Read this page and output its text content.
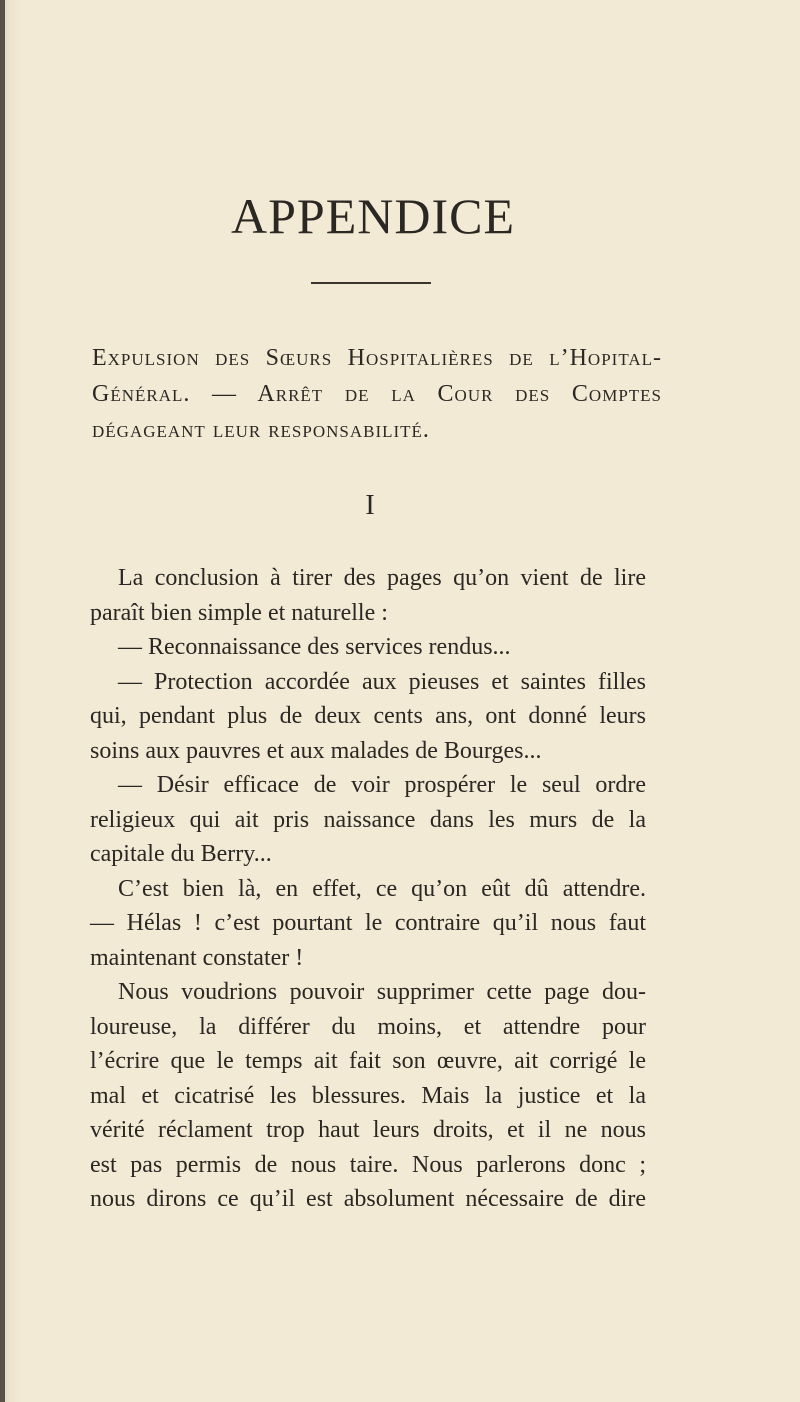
APPENDICE
Expulsion des Sœurs Hospitalières de l’Hopital-
Général. — Arrêt de la Cour des Comptes
dégageant leur responsabilité.
I
La conclusion à tirer des pages qu’on vient de lire
paraît bien simple et naturelle :
— Reconnaissance des services rendus...
— Protection accordée aux pieuses et saintes filles
qui, pendant plus de deux cents ans, ont donné leurs
soins aux pauvres et aux malades de Bourges...
— Désir efficace de voir prospérer le seul ordre
religieux qui ait pris naissance dans les murs de la
capitale du Berry...
C’est bien là, en effet, ce qu’on eût dû attendre.
— Hélas ! c’est pourtant le contraire qu’il nous faut
maintenant constater !
Nous voudrions pouvoir supprimer cette page dou-
loureuse, la différer du moins, et attendre pour
l’écrire que le temps ait fait son œuvre, ait corrigé le
mal et cicatrisé les blessures. Mais la justice et la
vérité réclament trop haut leurs droits, et il ne nous
est pas permis de nous taire. Nous parlerons donc ;
nous dirons ce qu’il est absolument nécessaire de dire
